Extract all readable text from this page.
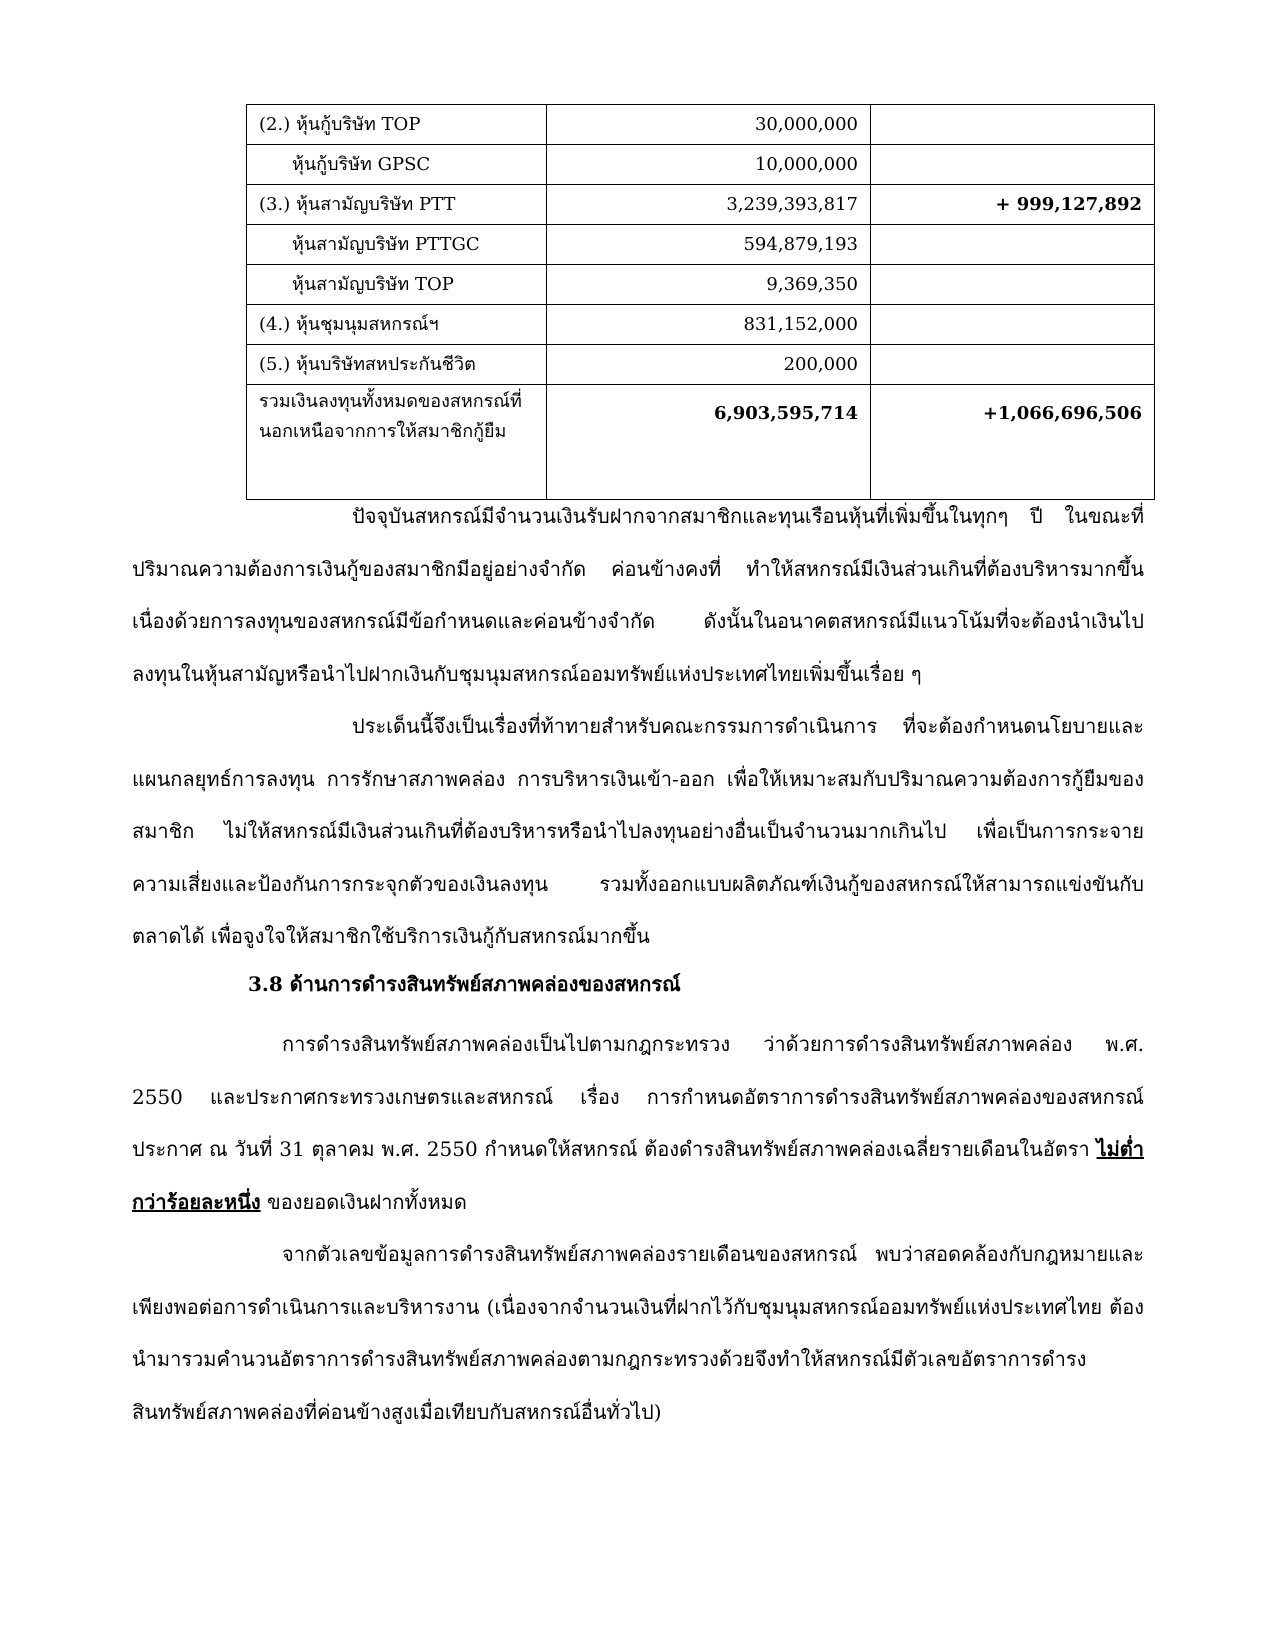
(2.) หุ้นกู้บริษัท TOP	30,000,000	
หุ้นกู้บริษัท GPSC	10,000,000	
(3.) หุ้นสามัญบริษัท PTT	3,239,393,817	+ 999,127,892
หุ้นสามัญบริษัท PTTGC	594,879,193	
หุ้นสามัญบริษัท TOP	9,369,350	
(4.) หุ้นชุมนุมสหกรณ์ฯ	831,152,000	
(5.) หุ้นบริษัทสหประกันชีวิต	200,000	
รวมเงินลงทุนทั้งหมดของสหกรณ์ที่นอกเหนือจากการให้สมาชิกกู้ยืม	6,903,595,714	+1,066,696,506

ปัจจุบันสหกรณ์มีจำนวนเงินรับฝากจากสมาชิกและทุนเรือนหุ้นที่เพิ่มขึ้นในทุกๆ ปี ในขณะที่ปริมาณความต้องการเงินกู้ของสมาชิกมีอยู่อย่างจำกัด ค่อนข้างคงที่ ทำให้สหกรณ์มีเงินส่วนเกินที่ต้องบริหารมากขึ้น เนื่องด้วยการลงทุนของสหกรณ์มีข้อกำหนดและค่อนข้างจำกัด ดังนั้นในอนาคตสหกรณ์มีแนวโน้มที่จะต้องนำเงินไปลงทุนในหุ้นสามัญหรือนำไปฝากเงินกับชุมนุมสหกรณ์ออมทรัพย์แห่งประเทศไทยเพิ่มขึ้นเรื่อย ๆ

ประเด็นนี้จึงเป็นเรื่องที่ท้าทายสำหรับคณะกรรมการดำเนินการ ที่จะต้องกำหนดนโยบายและแผนกลยุทธ์การลงทุน การรักษาสภาพคล่อง การบริหารเงินเข้า-ออก เพื่อให้เหมาะสมกับปริมาณความต้องการกู้ยืมของสมาชิก ไม่ให้สหกรณ์มีเงินส่วนเกินที่ต้องบริหารหรือนำไปลงทุนอย่างอื่นเป็นจำนวนมากเกินไป เพื่อเป็นการกระจายความเสี่ยงและป้องกันการกระจุกตัวของเงินลงทุน รวมทั้งออกแบบผลิตภัณฑ์เงินกู้ของสหกรณ์ให้สามารถแข่งขันกับตลาดได้ เพื่อจูงใจให้สมาชิกใช้บริการเงินกู้กับสหกรณ์มากขึ้น

3.8 ด้านการดำรงสินทรัพย์สภาพคล่องของสหกรณ์

การดำรงสินทรัพย์สภาพคล่องเป็นไปตามกฎกระทรวง ว่าด้วยการดำรงสินทรัพย์สภาพคล่อง พ.ศ. 2550 และประกาศกระทรวงเกษตรและสหกรณ์ เรื่อง การกำหนดอัตราการดำรงสินทรัพย์สภาพคล่องของสหกรณ์ ประกาศ ณ วันที่ 31 ตุลาคม พ.ศ. 2550 กำหนดให้สหกรณ์ ต้องดำรงสินทรัพย์สภาพคล่องเฉลี่ยรายเดือนในอัตรา ไม่ต่ำกว่าร้อยละหนึ่ง ของยอดเงินฝากทั้งหมด

จากตัวเลขข้อมูลการดำรงสินทรัพย์สภาพคล่องรายเดือนของสหกรณ์ พบว่าสอดคล้องกับกฎหมายและเพียงพอต่อการดำเนินการและบริหารงาน (เนื่องจากจำนวนเงินที่ฝากไว้กับชุมนุมสหกรณ์ออมทรัพย์แห่งประเทศไทย ต้องนำมารวมคำนวนอัตราการดำรงสินทรัพย์สภาพคล่องตามกฎกระทรวงด้วยจึงทำให้สหกรณ์มีตัวเลขอัตราการดำรงสินทรัพย์สภาพคล่องที่ค่อนข้างสูงเมื่อเทียบกับสหกรณ์อื่นทั่วไป)
